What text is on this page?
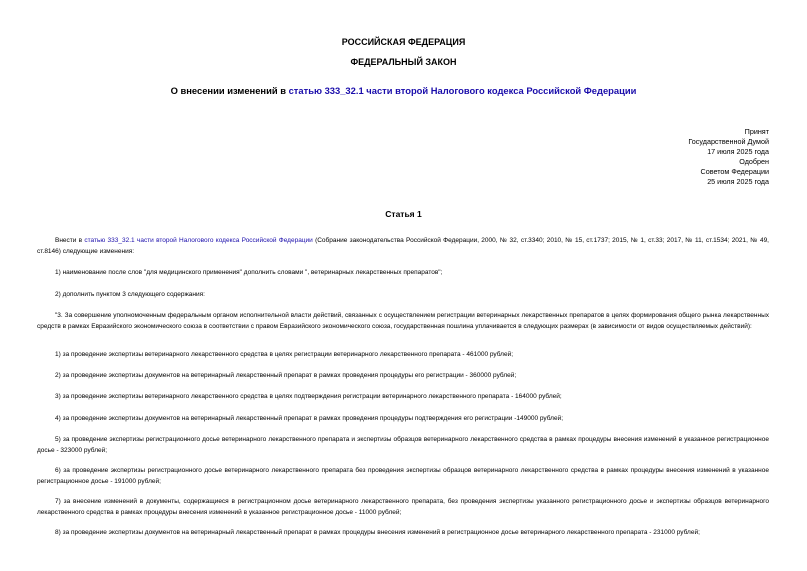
РОССИЙСКАЯ ФЕДЕРАЦИЯ
ФЕДЕРАЛЬНЫЙ ЗАКОН
О внесении изменений в статью 333_32.1 части второй Налогового кодекса Российской Федерации
Принят
Государственной Думой
17 июля 2025 года
Одобрен
Советом Федерации
25 июля 2025 года
Статья 1
Внести в статью 333_32.1 части второй Налогового кодекса Российской Федерации (Собрание законодательства Российской Федерации, 2000, № 32, ст.3340; 2010, № 15, ст.1737; 2015, № 1, ст.33; 2017, № 11, ст.1534; 2021, № 49, ст.8146) следующие изменения:
1) наименование после слов "для медицинского применения" дополнить словами ", ветеринарных лекарственных препаратов";
2) дополнить пунктом 3 следующего содержания:
"3. За совершение уполномоченным федеральным органом исполнительной власти действий, связанных с осуществлением регистрации ветеринарных лекарственных препаратов в целях формирования общего рынка лекарственных средств в рамках Евразийского экономического союза в соответствии с правом Евразийского экономического союза, государственная пошлина уплачивается в следующих размерах (в зависимости от видов осуществляемых действий):
1) за проведение экспертизы ветеринарного лекарственного средства в целях регистрации ветеринарного лекарственного препарата - 461000 рублей;
2) за проведение экспертизы документов на ветеринарный лекарственный препарат в рамках проведения процедуры его регистрации - 360000 рублей;
3) за проведение экспертизы ветеринарного лекарственного средства в целях подтверждения регистрации ветеринарного лекарственного препарата - 164000 рублей;
4) за проведение экспертизы документов на ветеринарный лекарственный препарат в рамках проведения процедуры подтверждения его регистрации -149000 рублей;
5) за проведение экспертизы регистрационного досье ветеринарного лекарственного препарата и экспертизы образцов ветеринарного лекарственного средства в рамках процедуры внесения изменений в указанное регистрационное досье - 323000 рублей;
6) за проведение экспертизы регистрационного досье ветеринарного лекарственного препарата без проведения экспертизы образцов ветеринарного лекарственного средства в рамках процедуры внесения изменений в указанное регистрационное досье - 191000 рублей;
7) за внесение изменений в документы, содержащиеся в регистрационном досье ветеринарного лекарственного препарата, без проведения экспертизы указанного регистрационного досье и экспертизы образцов ветеринарного лекарственного средства в рамках процедуры внесения изменений в указанное регистрационное досье - 11000 рублей;
8) за проведение экспертизы документов на ветеринарный лекарственный препарат в рамках процедуры внесения изменений в регистрационное досье ветеринарного лекарственного препарата - 231000 рублей;
